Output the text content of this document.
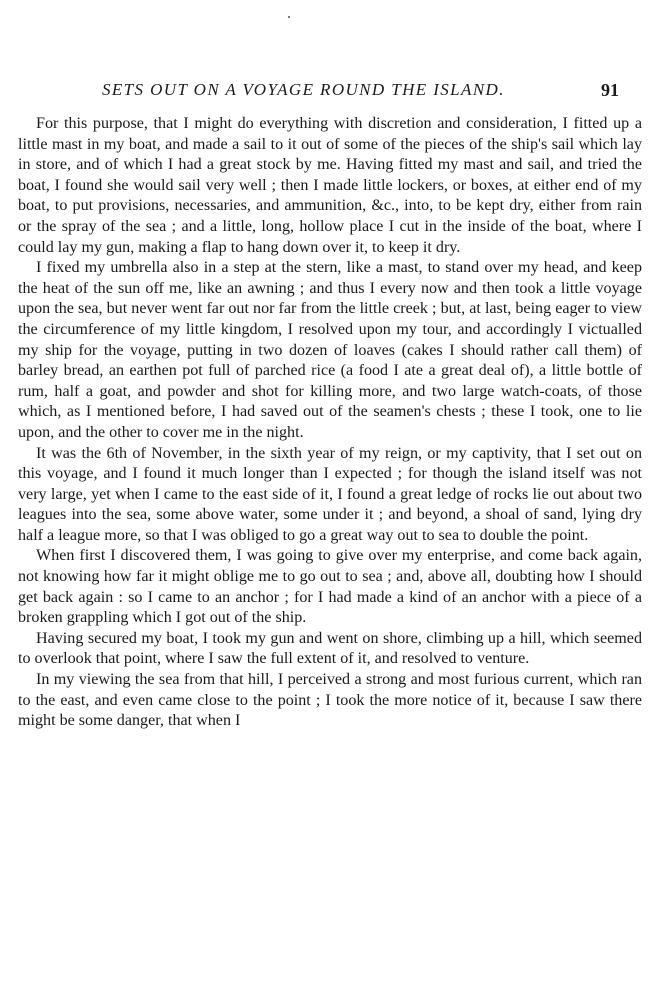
SETS OUT ON A VOYAGE ROUND THE ISLAND.	91

For this purpose, that I might do everything with discretion and consideration, I fitted up a little mast in my boat, and made a sail to it out of some of the pieces of the ship's sail which lay in store, and of which I had a great stock by me. Having fitted my mast and sail, and tried the boat, I found she would sail very well ; then I made little lockers, or boxes, at either end of my boat, to put provisions, necessaries, and ammunition, &c., into, to be kept dry, either from rain or the spray of the sea ; and a little, long, hollow place I cut in the inside of the boat, where I could lay my gun, making a flap to hang down over it, to keep it dry.

I fixed my umbrella also in a step at the stern, like a mast, to stand over my head, and keep the heat of the sun off me, like an awning ; and thus I every now and then took a little voyage upon the sea, but never went far out nor far from the little creek ; but, at last, being eager to view the circumference of my little kingdom, I resolved upon my tour, and accordingly I victualled my ship for the voyage, putting in two dozen of loaves (cakes I should rather call them) of barley bread, an earthen pot full of parched rice (a food I ate a great deal of), a little bottle of rum, half a goat, and powder and shot for killing more, and two large watch-coats, of those which, as I mentioned before, I had saved out of the seamen's chests ; these I took, one to lie upon, and the other to cover me in the night.

It was the 6th of November, in the sixth year of my reign, or my captivity, that I set out on this voyage, and I found it much longer than I expected ; for though the island itself was not very large, yet when I came to the east side of it, I found a great ledge of rocks lie out about two leagues into the sea, some above water, some under it ; and beyond, a shoal of sand, lying dry half a league more, so that I was obliged to go a great way out to sea to double the point.

When first I discovered them, I was going to give over my enterprise, and come back again, not knowing how far it might oblige me to go out to sea ; and, above all, doubting how I should get back again : so I came to an anchor ; for I had made a kind of an anchor with a piece of a broken grappling which I got out of the ship.

Having secured my boat, I took my gun and went on shore, climbing up a hill, which seemed to overlook that point, where I saw the full extent of it, and resolved to venture.

In my viewing the sea from that hill, I perceived a strong and most furious current, which ran to the east, and even came close to the point ; I took the more notice of it, because I saw there might be some danger, that when I
